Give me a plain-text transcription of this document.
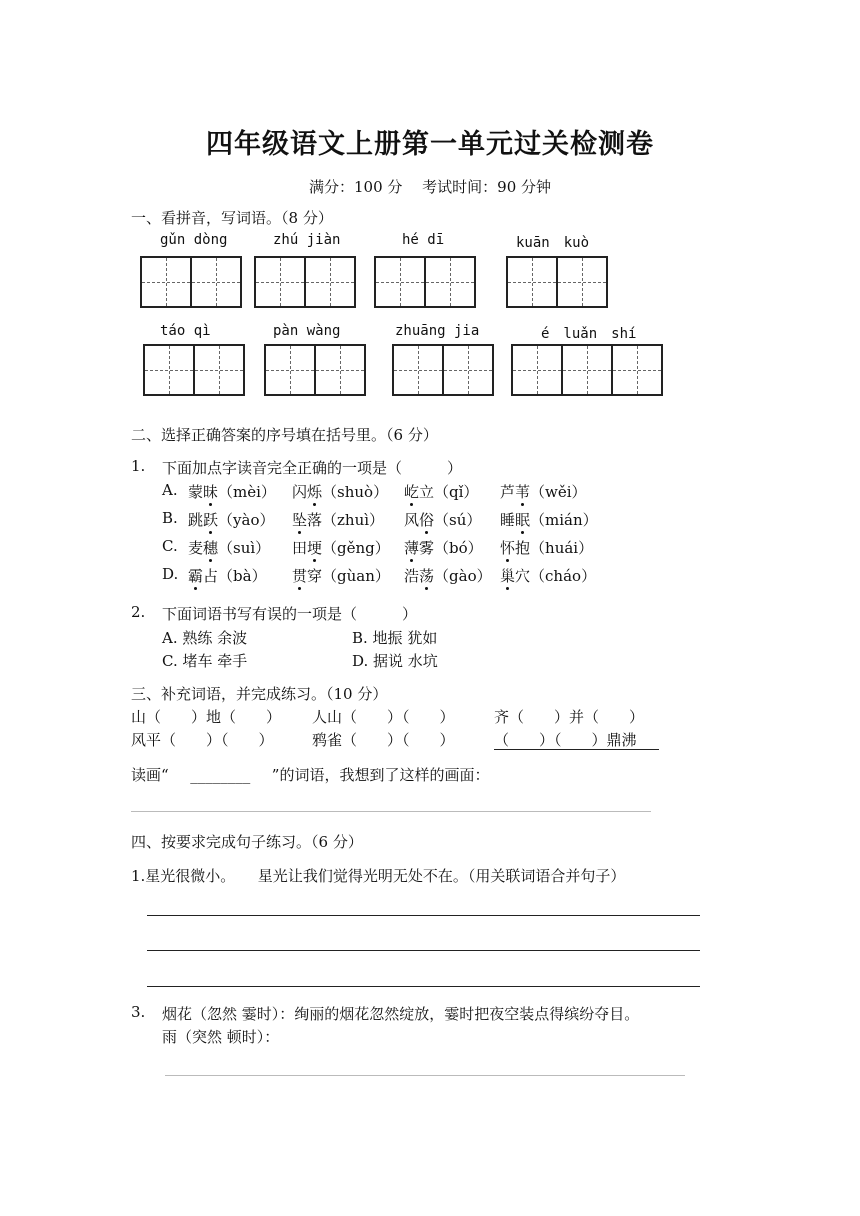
四年级语文上册第一单元过关检测卷
满分：100 分　 考试时间：90 分钟
一、看拼音，写词语。（8 分）
gǔn dòng	zhú jiàn	hé dī	kuān　kuò
táo qì	pàn wàng	zhuāng jia	é　luǎn　shí
二、选择正确答案的序号填在括号里。（6 分）
1. 下面加点字读音完全正确的一项是（　　　）
A. 蒙昧（mèi） 闪烁（shuò） 屹立（qǐ） 芦苇（wěi）
B. 跳跃（yào） 坠落（zhuì） 风俗（sú） 睡眠（mián）
C. 麦穗（suì） 田埂（gěng） 薄雾（bó） 怀抱（huái）
D. 霸占（bà） 贯穿（gùan） 浩荡（gào） 巢穴（cháo）
2. 下面词语书写有误的一项是（　　　）
A. 熟练 余波	B. 地振 犹如
C. 堵车 牵手	D. 据说 水坑
三、补充词语，并完成练习。（10 分）
山（　　）地（　　） 人山（　　）（　　）	齐（　　）并（　　）
风平（　　）（　　）	鸦雀（　　）（　　）	（　　）（　　）鼎沸
读画“ ________ ”的词语，我想到了这样的画面：
四、按要求完成句子练习。（6 分）
1.星光很微小。　　星光让我们觉得光明无处不在。（用关联词语合并句子）
3. 烟花（忽然 霎时）：绚丽的烟花忽然绽放，霎时把夜空装点得缤纷夺目。
雨（突然 顿时）：
